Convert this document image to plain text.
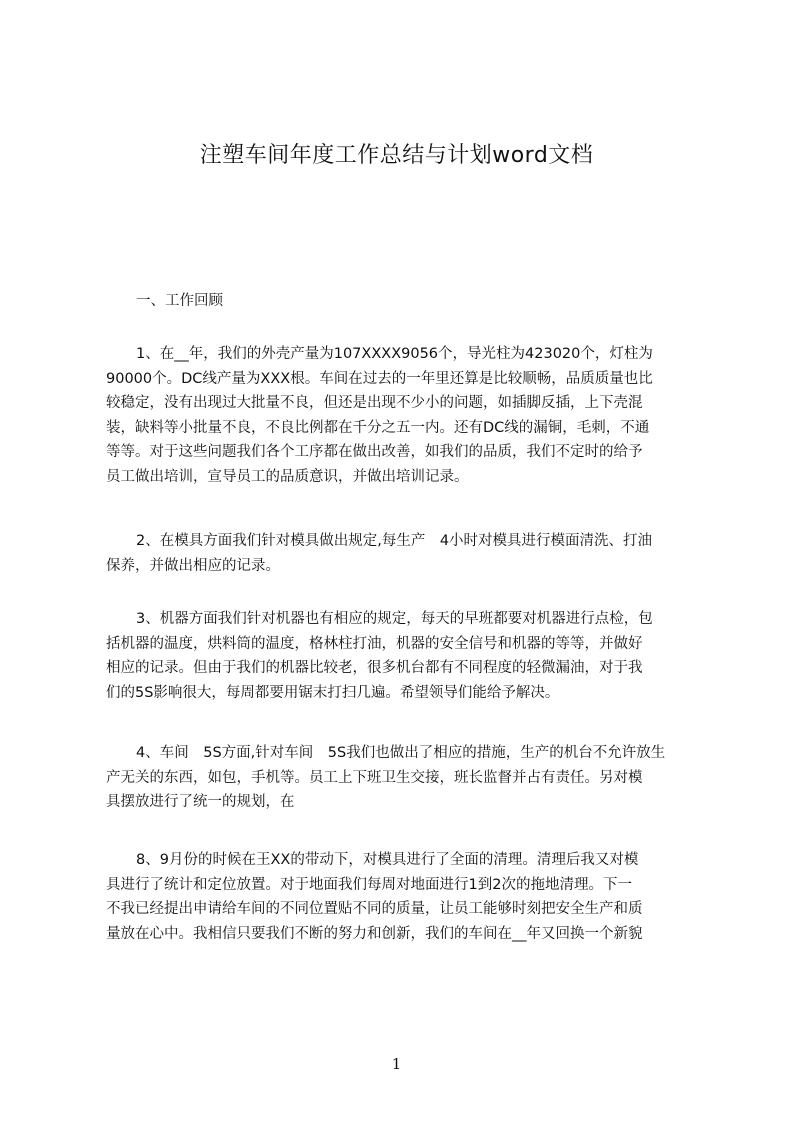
注塑车间年度工作总结与计划word文档
一、工作回顾
1、在__年，我们的外壳产量为107XXXX9056个，导光柱为423020个，灯柱为
90000个。DC线产量为XXX根。车间在过去的一年里还算是比较顺畅，品质质量也比
较稳定，没有出现过大批量不良，但还是出现不少小的问题，如插脚反插，上下壳混
装，缺料等小批量不良，不良比例都在千分之五一内。还有DC线的漏铜，毛刺，不通
等等。对于这些问题我们各个工序都在做出改善，如我们的品质，我们不定时的给予
员工做出培训，宣导员工的品质意识，并做出培训记录。
2、在模具方面我们针对模具做出规定,每生产　4小时对模具进行模面清洗、打油
保养，并做出相应的记录。
3、机器方面我们针对机器也有相应的规定，每天的早班都要对机器进行点检，包
括机器的温度，烘料筒的温度，格林柱打油，机器的安全信号和机器的等等，并做好
相应的记录。但由于我们的机器比较老，很多机台都有不同程度的轻微漏油，对于我
们的5S影响很大，每周都要用锯末打扫几遍。希望领导们能给予解决。
4、车间　5S方面,针对车间　5S我们也做出了相应的措施，生产的机台不允许放生
产无关的东西，如包，手机等。员工上下班卫生交接，班长监督并占有责任。另对模
具摆放进行了统一的规划，在
8、9月份的时候在王XX的带动下，对模具进行了全面的清理。清理后我又对模
具进行了统计和定位放置。对于地面我们每周对地面进行1到2次的拖地清理。下一
不我已经提出申请给车间的不同位置贴不同的质量，让员工能够时刻把安全生产和质
量放在心中。我相信只要我们不断的努力和创新，我们的车间在__年又回换一个新貌
1
